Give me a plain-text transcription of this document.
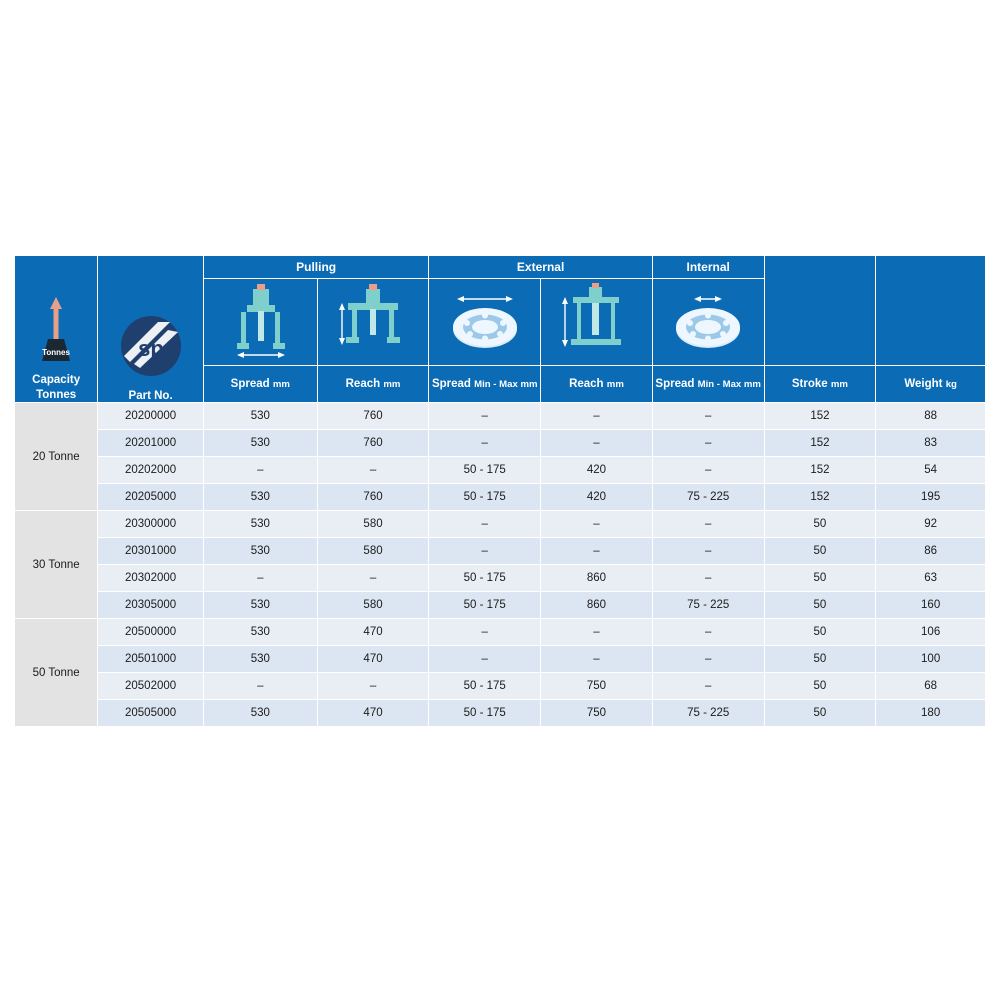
Tonnes
Capacity
Tonnes	sp
Part No.	Pulling		External		Internal		

		Spread mm	Reach mm	Spread Min - Max mm	Reach mm	Spread Min - Max mm	Stroke mm	Weight kg
20 Tonne	20200000	530	760	–	–	–	152	88
	20201000	530	760	–	–	–	152	83
	20202000	–	–	50 - 175	420	–	152	54
	20205000	530	760	50 - 175	420	75 - 225	152	195
30 Tonne	20300000	530	580	–	–	–	50	92
	20301000	530	580	–	–	–	50	86
	20302000	–	–	50 - 175	860	–	50	63
	20305000	530	580	50 - 175	860	75 - 225	50	160
50 Tonne	20500000	530	470	–	–	–	50	106
	20501000	530	470	–	–	–	50	100
	20502000	–	–	50 - 175	750	–	50	68
	20505000	530	470	50 - 175	750	75 - 225	50	180
